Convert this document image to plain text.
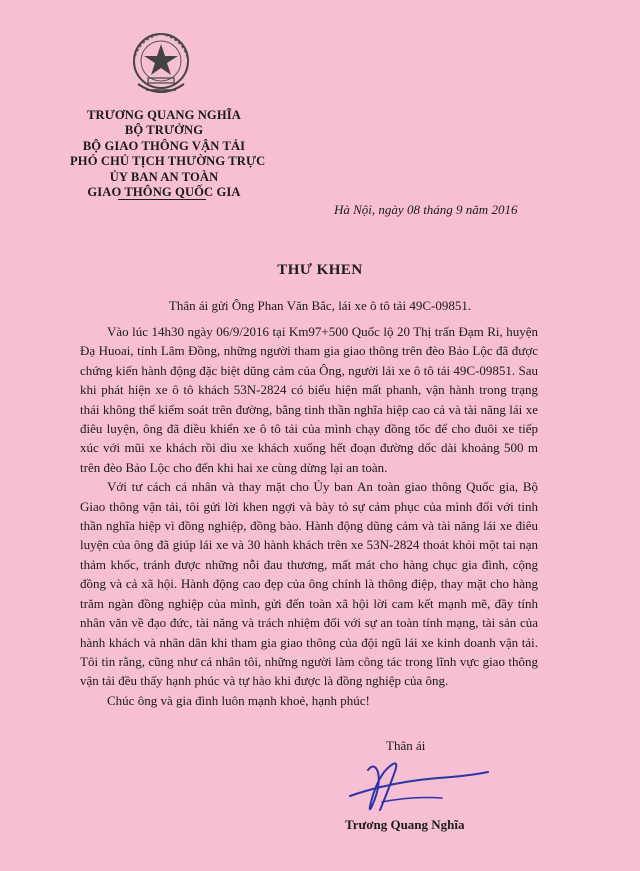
TRƯƠNG QUANG NGHĨA
BỘ TRƯỞNG
BỘ GIAO THÔNG VẬN TẢI
PHÓ CHỦ TỊCH THƯỜNG TRỰC
ỦY BAN AN TOÀN
GIAO THÔNG QUỐC GIA
Hà Nội, ngày 08 tháng 9 năm 2016
THƯ KHEN
Thân ái gửi Ông Phan Văn Bắc, lái xe ô tô tải 49C-09851.

Vào lúc 14h30 ngày 06/9/2016 tại Km97+500 Quốc lộ 20 Thị trấn Đạm Ri, huyện Đạ Huoai, tỉnh Lâm Đồng, những người tham gia giao thông trên đèo Bảo Lộc đã được chứng kiến hành động đặc biệt dũng cảm của Ông, người lái xe ô tô tải 49C-09851. Sau khi phát hiện xe ô tô khách 53N-2824 có biểu hiện mất phanh, vận hành trong trạng thái không thể kiểm soát trên đường, bằng tinh thần nghĩa hiệp cao cả và tài năng lái xe điêu luyện, ông đã điều khiển xe ô tô tải của mình chạy đồng tốc để cho đuôi xe tiếp xúc với mũi xe khách rồi dìu xe khách xuống hết đoạn đường dốc dài khoảng 500 m trên đèo Bảo Lộc cho đến khi hai xe cùng dừng lại an toàn.

Với tư cách cá nhân và thay mặt cho Ủy ban An toàn giao thông Quốc gia, Bộ Giao thông vận tải, tôi gửi lời khen ngợi và bày tỏ sự cảm phục của mình đối với tinh thần nghĩa hiệp vì đồng nghiệp, đồng bào. Hành động dũng cảm và tài năng lái xe điêu luyện của ông đã giúp lái xe và 30 hành khách trên xe 53N-2824 thoát khỏi một tai nạn thảm khốc, tránh được những nỗi đau thương, mất mát cho hàng chục gia đình, cộng đồng và cả xã hội. Hành động cao đẹp của ông chính là thông điệp, thay mặt cho hàng trăm ngàn đồng nghiệp của mình, gửi đến toàn xã hội lời cam kết mạnh mẽ, đầy tính nhân văn về đạo đức, tài năng và trách nhiệm đối với sự an toàn tính mạng, tài sản của hành khách và nhân dân khi tham gia giao thông của đội ngũ lái xe kinh doanh vận tải. Tôi tin rằng, cũng như cá nhân tôi, những người làm công tác trong lĩnh vực giao thông vận tải đều thấy hạnh phúc và tự hào khi được là đồng nghiệp của ông.

Chúc ông và gia đình luôn mạnh khoẻ, hạnh phúc!

Thân ái
Trương Quang Nghĩa
